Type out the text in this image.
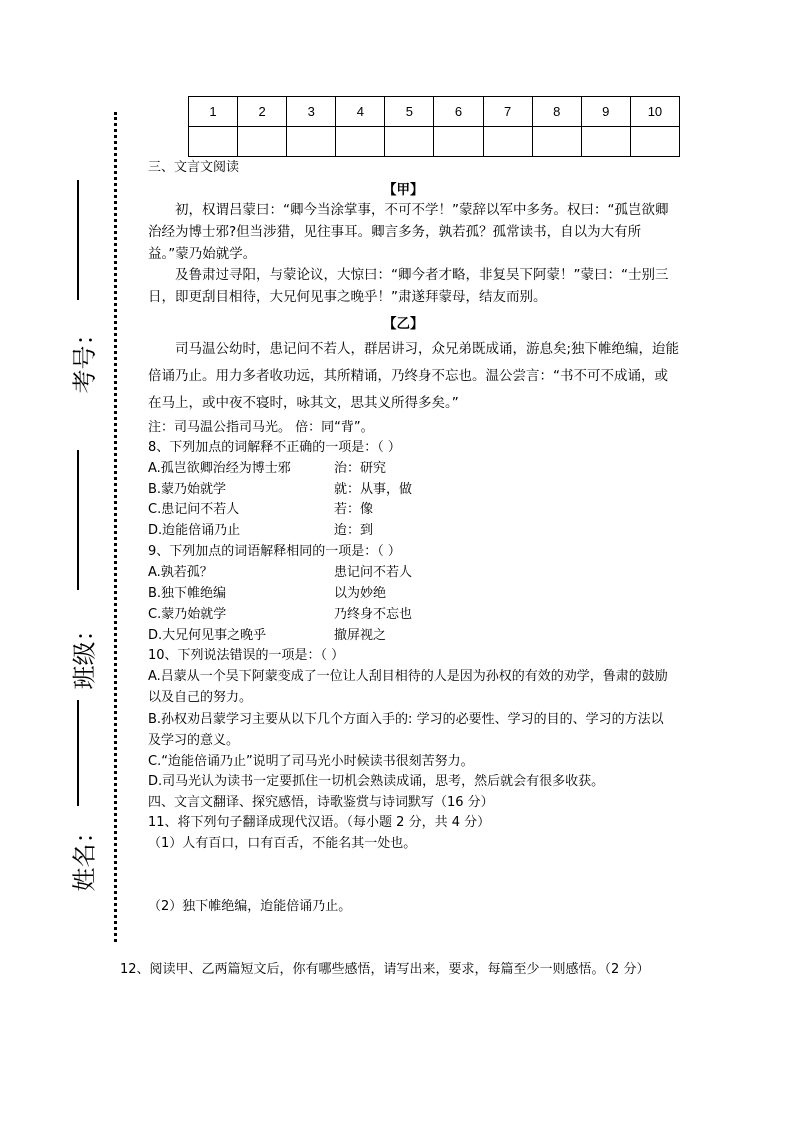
1	2	3	4	5	6	7	8	9	10

考号：
班级：
姓名：
三、文言文阅读
【甲】
初，权谓吕蒙曰：“卿今当涂掌事，不可不学！”蒙辞以军中多务。权曰：“孤岂欲卿治经为博士邪?但当涉猎，见往事耳。卿言多务，孰若孤？孤常读书，自以为大有所益。”蒙乃始就学。
及鲁肃过寻阳，与蒙论议，大惊曰：“卿今者才略，非复吴下阿蒙！”蒙曰：“士别三日，即更刮目相待，大兄何见事之晚乎！”肃遂拜蒙母，结友而别。
【乙】
司马温公幼时，患记问不若人，群居讲习，众兄弟既成诵，游息矣;独下帷绝编，迨能倍诵乃止。用力多者收功远，其所精诵，乃终身不忘也。温公尝言：“书不可不成诵，或在马上，或中夜不寝时，咏其文，思其义所得多矣。”
注：司马温公指司马光。 倍：同“背”。
8、下列加点的词解释不正确的一项是：（ ）
A.孤岂欲卿治经为博士邪	治：研究
B.蒙乃始就学	就：从事，做
C.患记问不若人	若：像
D.迨能倍诵乃止	迨：到
9、下列加点的词语解释相同的一项是：（ ）
A.孰若孤？	患记问不若人
B.独下帷绝编	以为妙绝
C.蒙乃始就学	乃终身不忘也
D.大兄何见事之晚乎	撤屏视之
10、下列说法错误的一项是：（ ）
A.吕蒙从一个吴下阿蒙变成了一位让人刮目相待的人是因为孙权的有效的劝学，鲁肃的鼓励以及自己的努力。
B.孙权劝吕蒙学习主要从以下几个方面入手的: 学习的必要性、学习的目的、学习的方法以及学习的意义。
C.“迨能倍诵乃止”说明了司马光小时候读书很刻苦努力。
D.司马光认为读书一定要抓住一切机会熟读成诵，思考，然后就会有很多收获。
四、文言文翻译、探究感悟，诗歌鉴赏与诗词默写（16 分）
11、将下列句子翻译成现代汉语。（每小题 2 分，共 4 分）
（1）人有百口，口有百舌，不能名其一处也。
（2）独下帷绝编，迨能倍诵乃止。
12、阅读甲、乙两篇短文后，你有哪些感悟，请写出来，要求，每篇至少一则感悟。（2 分）
